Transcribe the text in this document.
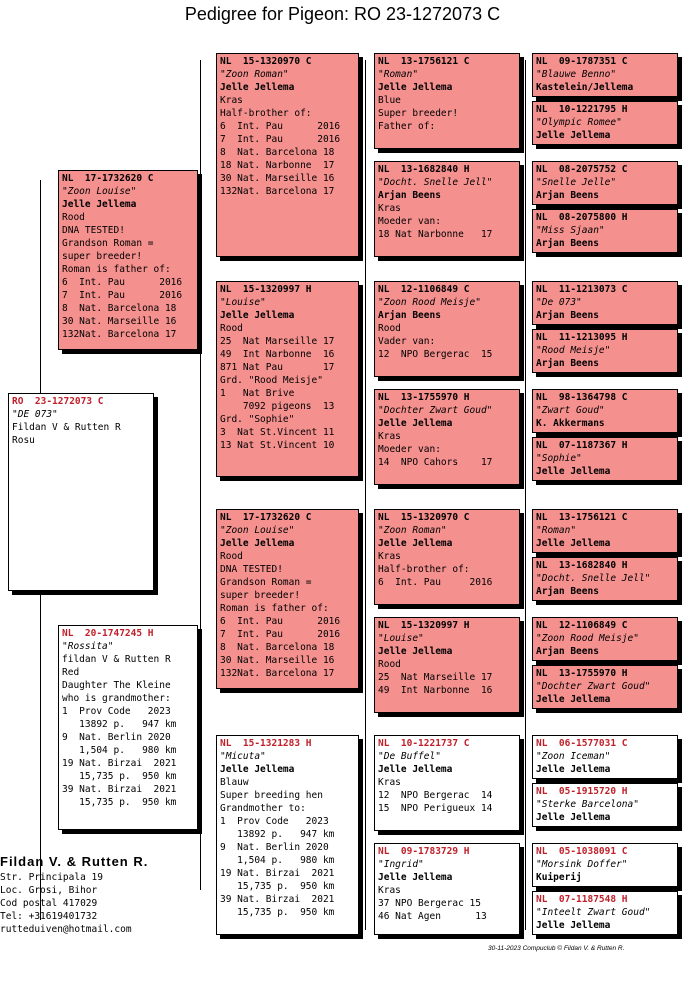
Pedigree for Pigeon: RO 23-1272073 C
RO  23-1272073 C
"DE 073"
Fildan V & Rutten R
Rosu
NL  17-1732620 C
"Zoon Louise"
Jelle Jellema
Rood
DNA TESTED!
Grandson Roman =
super breeder!
Roman is father of:
6  Int. Pau      2016
7  Int. Pau      2016
8  Nat. Barcelona 18
30 Nat. Marseille 16
132Nat. Barcelona 17
NL  20-1747245 H
"Rossita"
fildan V & Rutten R
Red
Daughter The Kleine
who is grandmother:
1  Prov Code   2023
13892 p.   947 km
9  Nat. Berlin 2020
1,504 p.   980 km
19 Nat. Birzai  2021
15,735 p.  950 km
39 Nat. Birzai  2021
15,735 p.  950 km
NL  15-1320970 C
"Zoon Roman"
Jelle Jellema
Kras
Half-brother of:
6  Int. Pau      2016
7  Int. Pau      2016
8  Nat. Barcelona 18
18 Nat. Narbonne  17
30 Nat. Marseille 16
132Nat. Barcelona 17
NL  15-1320997 H
"Louise"
Jelle Jellema
Rood
25  Nat Marseille 17
49  Int Narbonne  16
871 Nat Pau       17
Grd. "Rood Meisje"
1   Nat Brive
7092 pigeons  13
Grd. "Sophie"
3  Nat St.Vincent 11
13 Nat St.Vincent 10
NL  17-1732620 C
"Zoon Louise"
Jelle Jellema
Rood
DNA TESTED!
Grandson Roman =
super breeder!
Roman is father of:
6  Int. Pau      2016
7  Int. Pau      2016
8  Nat. Barcelona 18
30 Nat. Marseille 16
132Nat. Barcelona 17
NL  15-1321283 H
"Micuta"
Jelle Jellema
Blauw
Super breeding hen
Grandmother to:
1  Prov Code   2023
13892 p.   947 km
9  Nat. Berlin 2020
1,504 p.   980 km
19 Nat. Birzai  2021
15,735 p.  950 km
39 Nat. Birzai  2021
15,735 p.  950 km
NL  13-1756121 C
"Roman"
Jelle Jellema
Blue
Super breeder!
Father of:
NL  13-1682840 H
"Docht. Snelle Jell"
Arjan Beens
Kras
Moeder van:
18 Nat Narbonne   17
NL  12-1106849 C
"Zoon Rood Meisje"
Arjan Beens
Rood
Vader van:
12  NPO Bergerac  15
NL  13-1755970 H
"Dochter Zwart Goud"
Jelle Jellema
Kras
Moeder van:
14  NPO Cahors    17
NL  15-1320970 C
"Zoon Roman"
Jelle Jellema
Kras
Half-brother of:
6  Int. Pau     2016
NL  15-1320997 H
"Louise"
Jelle Jellema
Rood
25  Nat Marseille 17
49  Int Narbonne  16
NL  10-1221737 C
"De Buffel"
Jelle Jellema
Kras
12  NPO Bergerac  14
15  NPO Perigueux 14
NL  09-1783729 H
"Ingrid"
Jelle Jellema
Kras
37 NPO Bergerac 15
46 Nat Agen      13
NL  09-1787351 C
"Blauwe Benno"
Kastelein/Jellema
NL  10-1221795 H
"Olympic Romee"
Jelle Jellema
NL  08-2075752 C
"Snelle Jelle"
Arjan Beens
NL  08-2075800 H
"Miss Sjaan"
Arjan Beens
NL  11-1213073 C
"De 073"
Arjan Beens
NL  11-1213095 H
"Rood Meisje"
Arjan Beens
NL  98-1364798 C
"Zwart Goud"
K. Akkermans
NL  07-1187367 H
"Sophie"
Jelle Jellema
NL  13-1756121 C
"Roman"
Jelle Jellema
NL  13-1682840 H
"Docht. Snelle Jell"
Arjan Beens
NL  12-1106849 C
"Zoon Rood Meisje"
Arjan Beens
NL  13-1755970 H
"Dochter Zwart Goud"
Jelle Jellema
NL  06-1577031 C
"Zoon Iceman"
Jelle Jellema
NL  05-1915720 H
"Sterke Barcelona"
Jelle Jellema
NL  05-1038091 C
"Morsink Doffer"
Kuiperij
NL  07-1187548 H
"Inteelt Zwart Goud"
Jelle Jellema
Fildan V. & Rutten R.
Str. Principala 19
Loc. Grosi, Bihor
Cod postal 417029
Tel: +31619401732
rutteduiven@hotmail.com
30-11-2023 Compuclub © Fildan V. & Rutten R.
